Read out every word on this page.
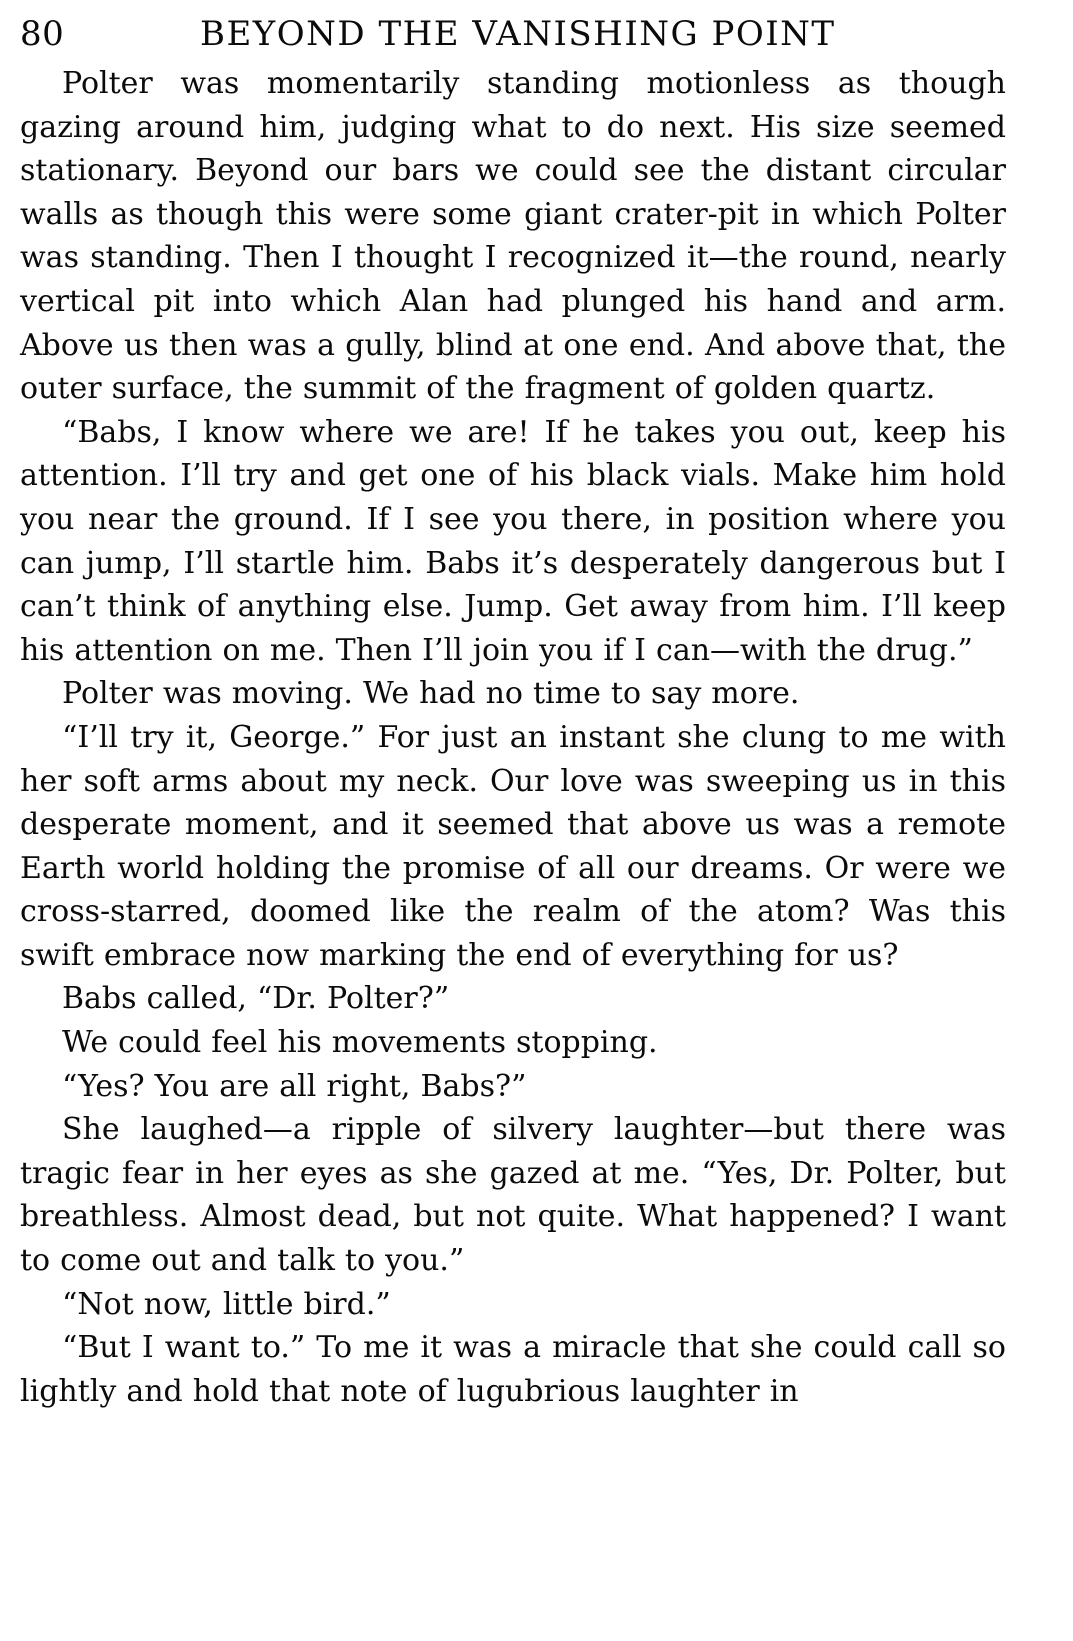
80	BEYOND THE VANISHING POINT

Polter was momentarily standing motionless as though gazing around him, judging what to do next. His size seemed stationary. Beyond our bars we could see the distant circular walls as though this were some giant crater-pit in which Polter was standing. Then I thought I recognized it—the round, nearly vertical pit into which Alan had plunged his hand and arm. Above us then was a gully, blind at one end. And above that, the outer surface, the summit of the fragment of golden quartz.

“Babs, I know where we are! If he takes you out, keep his attention. I’ll try and get one of his black vials. Make him hold you near the ground. If I see you there, in position where you can jump, I’ll startle him. Babs it’s desperately dangerous but I can’t think of anything else. Jump. Get away from him. I’ll keep his attention on me. Then I’ll join you if I can—with the drug.”

Polter was moving. We had no time to say more.

“I’ll try it, George.” For just an instant she clung to me with her soft arms about my neck. Our love was sweeping us in this desperate moment, and it seemed that above us was a remote Earth world holding the promise of all our dreams. Or were we cross-starred, doomed like the realm of the atom? Was this swift embrace now marking the end of everything for us?

Babs called, “Dr. Polter?”

We could feel his movements stopping.

“Yes? You are all right, Babs?”

She laughed—a ripple of silvery laughter—but there was tragic fear in her eyes as she gazed at me. “Yes, Dr. Polter, but breathless. Almost dead, but not quite. What happened? I want to come out and talk to you.”

“Not now, little bird.”

“But I want to.” To me it was a miracle that she could call so lightly and hold that note of lugubrious laughter in
